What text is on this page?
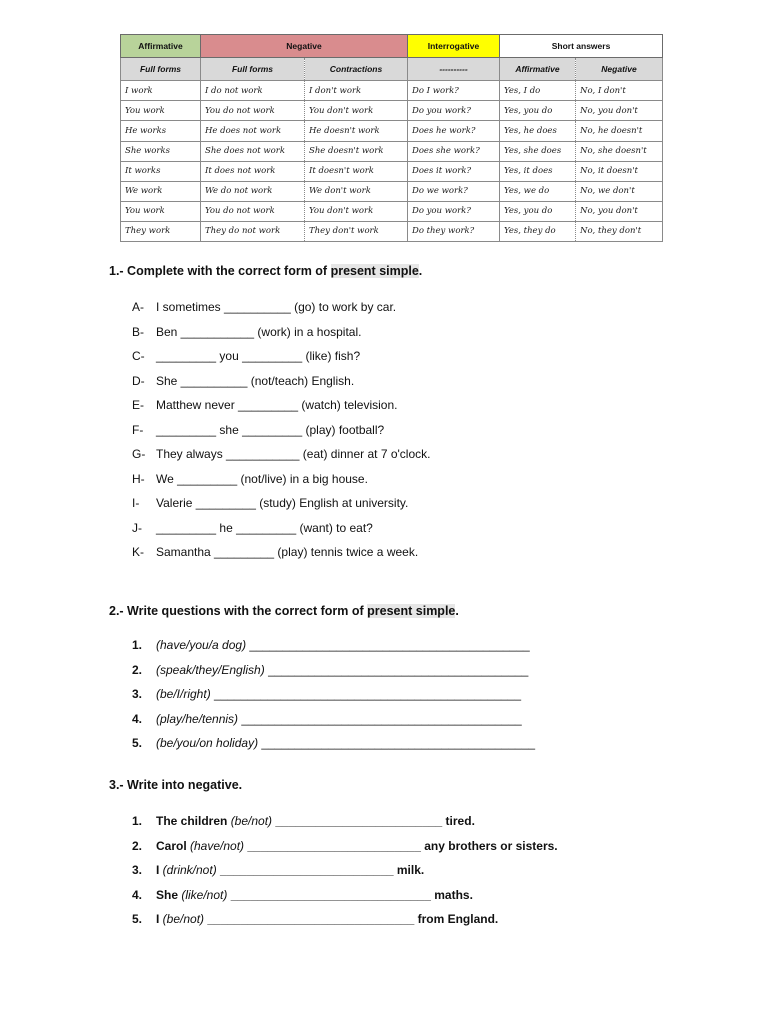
Affirmative	Negative		Interrogative	Short answers	
Full forms	Full forms	Contractions	----------	Affirmative	Negative
I work	I do not work	I don't work	Do I work?	Yes, I do	No, I don't
You work	You do not work	You don't work	Do you work?	Yes, you do	No, you don't
He works	He does not work	He doesn't work	Does he work?	Yes, he does	No, he doesn't
She works	She does not work	She doesn't work	Does she work?	Yes, she does	No, she doesn't
It works	It does not work	It doesn't work	Does it work?	Yes, it does	No, it doesn't
We work	We do not work	We don't work	Do we work?	Yes, we do	No, we don't
You work	You do not work	You don't work	Do you work?	Yes, you do	No, you don't
They work	They do not work	They don't work	Do they work?	Yes, they do	No, they don't
1.- Complete with the correct form of present simple.
A- I sometimes __________ (go) to work by car.
B- Ben ___________ (work) in a hospital.
C- _________ you _________ (like) fish?
D- She __________ (not/teach) English.
E- Matthew never _________ (watch) television.
F- _________ she _________ (play) football?
G- They always ___________ (eat) dinner at 7 o'clock.
H- We _________ (not/live) in a big house.
I- Valerie _________ (study) English at university.
J- _________ he _________ (want) to eat?
K- Samantha _________ (play) tennis twice a week.
2.- Write questions with the correct form of present simple.
1. (have/you/a dog) __________________________________________
2. (speak/they/English) _______________________________________
3. (be/I/right) ______________________________________________
4. (play/he/tennis) __________________________________________
5. (be/you/on holiday) _________________________________________
3.- Write into negative.
1. The children (be/not) _________________________ tired.
2. Carol (have/not) __________________________ any brothers or sisters.
3. I (drink/not) __________________________ milk.
4. She (like/not) ______________________________ maths.
5. I (be/not) _______________________________ from England.
